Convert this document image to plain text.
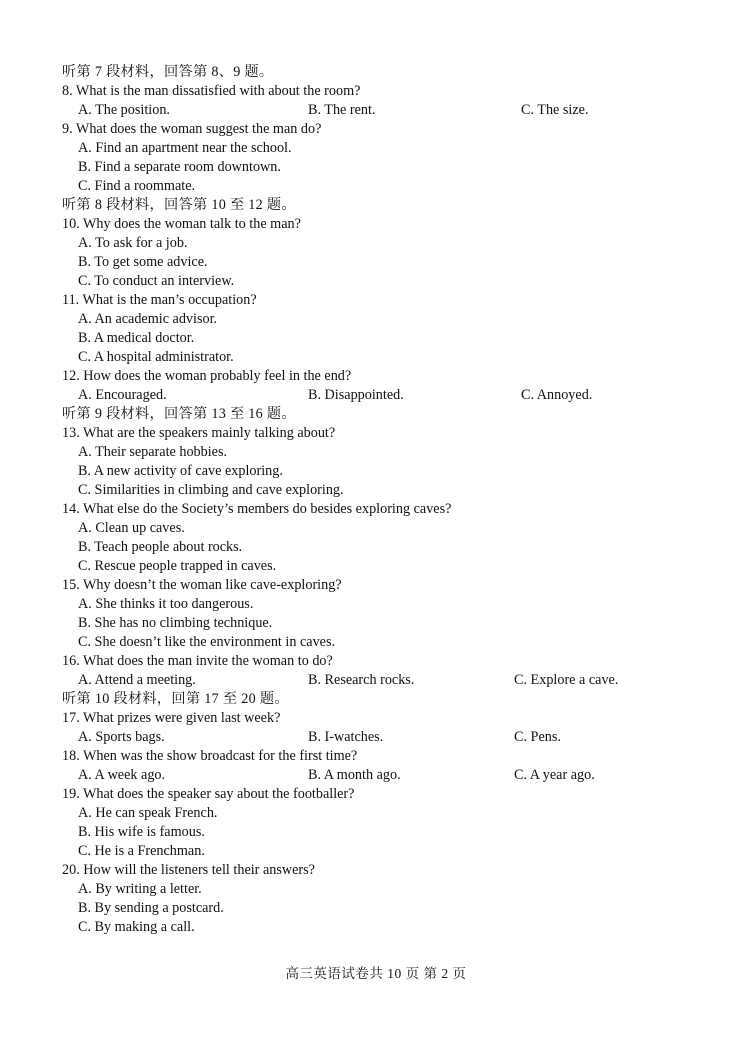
听第 7 段材料，回答第 8、9 题。
8. What is the man dissatisfied with about the room?
A. The position.	B. The rent.	C. The size.
9. What does the woman suggest the man do?
A. Find an apartment near the school.
B. Find a separate room downtown.
C. Find a roommate.
听第 8 段材料，回答第 10 至 12 题。
10. Why does the woman talk to the man?
A. To ask for a job.
B. To get some advice.
C. To conduct an interview.
11. What is the man’s occupation?
A. An academic advisor.
B. A medical doctor.
C. A hospital administrator.
12. How does the woman probably feel in the end?
A. Encouraged.	B. Disappointed.	C. Annoyed.
听第 9 段材料，回答第 13 至 16 题。
13. What are the speakers mainly talking about?
A. Their separate hobbies.
B. A new activity of cave exploring.
C. Similarities in climbing and cave exploring.
14. What else do the Society’s members do besides exploring caves?
A. Clean up caves.
B. Teach people about rocks.
C. Rescue people trapped in caves.
15. Why doesn’t the woman like cave-exploring?
A. She thinks it too dangerous.
B. She has no climbing technique.
C. She doesn’t like the environment in caves.
16. What does the man invite the woman to do?
A. Attend a meeting.	B. Research rocks.	C. Explore a cave.
听第 10 段材料，回第 17 至 20 题。
17. What prizes were given last week?
A. Sports bags.	B. I-watches.	C. Pens.
18. When was the show broadcast for the first time?
A. A week ago.	B. A month ago.	C. A year ago.
19. What does the speaker say about the footballer?
A. He can speak French.
B. His wife is famous.
C. He is a Frenchman.
20. How will the listeners tell their answers?
A. By writing a letter.
B. By sending a postcard.
C. By making a call.
高三英语试卷共 10 页 第 2 页
